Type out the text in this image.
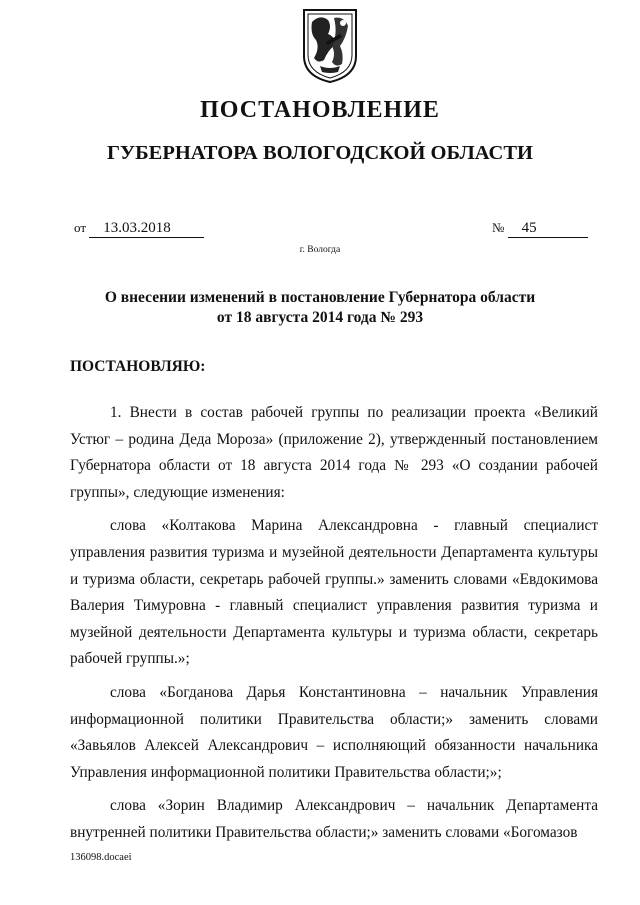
ПОСТАНОВЛЕНИЕ
ГУБЕРНАТОРА ВОЛОГОДСКОЙ ОБЛАСТИ
от 13.03.2018	№ 45
г. Вологда
О внесении изменений в постановление Губернатора области
от 18 августа 2014 года № 293
ПОСТАНОВЛЯЮ:

1. Внести в состав рабочей группы по реализации проекта «Великий Устюг – родина Деда Мороза» (приложение 2), утвержденный постановлением Губернатора области от 18 августа 2014 года № 293 «О создании рабочей группы», следующие изменения:

слова «Колтакова Марина Александровна - главный специалист управления развития туризма и музейной деятельности Департамента культуры и туризма области, секретарь рабочей группы.» заменить словами «Евдокимова Валерия Тимуровна - главный специалист управления развития туризма и музейной деятельности Департамента культуры и туризма области, секретарь рабочей группы.»;

слова «Богданова Дарья Константиновна – начальник Управления информационной политики Правительства области;» заменить словами «Завьялов Алексей Александрович – исполняющий обязанности начальника Управления информационной политики Правительства области;»;

слова «Зорин Владимир Александрович – начальник Департамента внутренней политики Правительства области;» заменить словами «Богомазов

136098.docaei
